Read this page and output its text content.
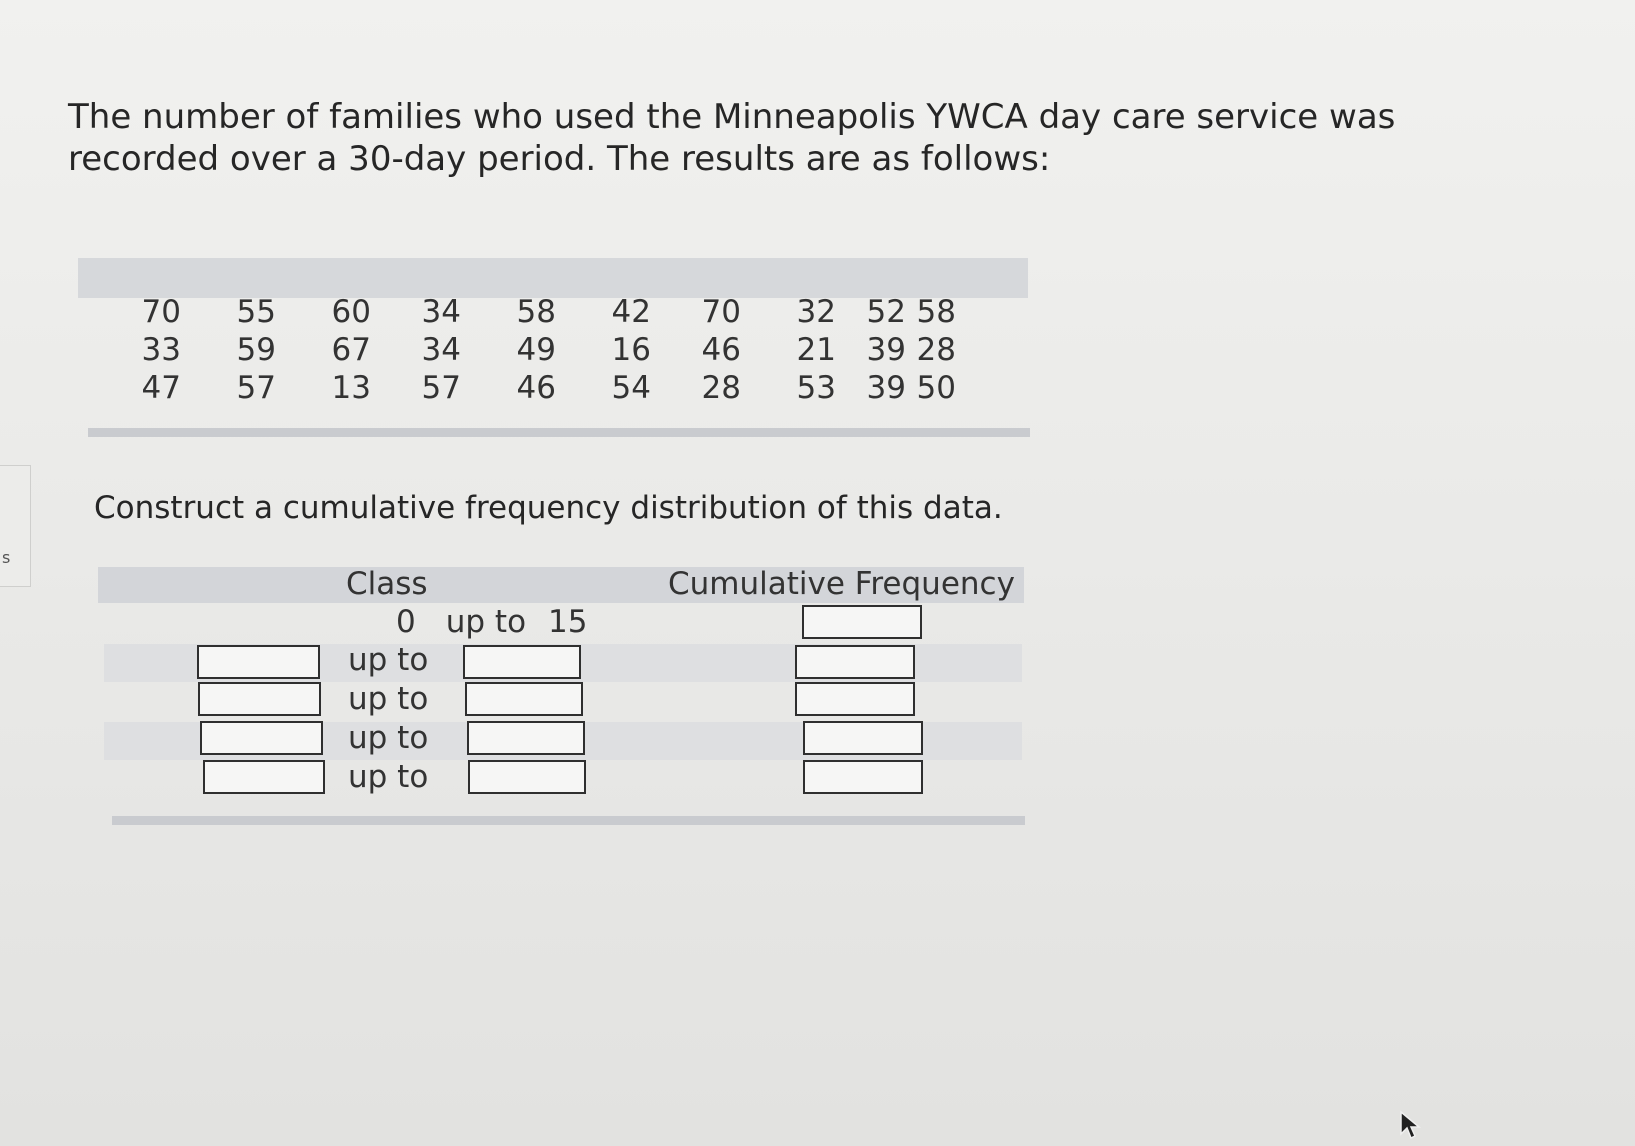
s
The number of families who used the Minneapolis YWCA day care service was recorded over a 30-day period. The results are as follows:
70	55	60	34	58	42	70	32 52 58
33	59	67	34	49	16	46	21 39 28
47	57	13	57	46	54	28	53 39 50
Construct a cumulative frequency distribution of this data.
Class	Cumulative Frequency
0 up to 15
up to
up to
up to
up to
